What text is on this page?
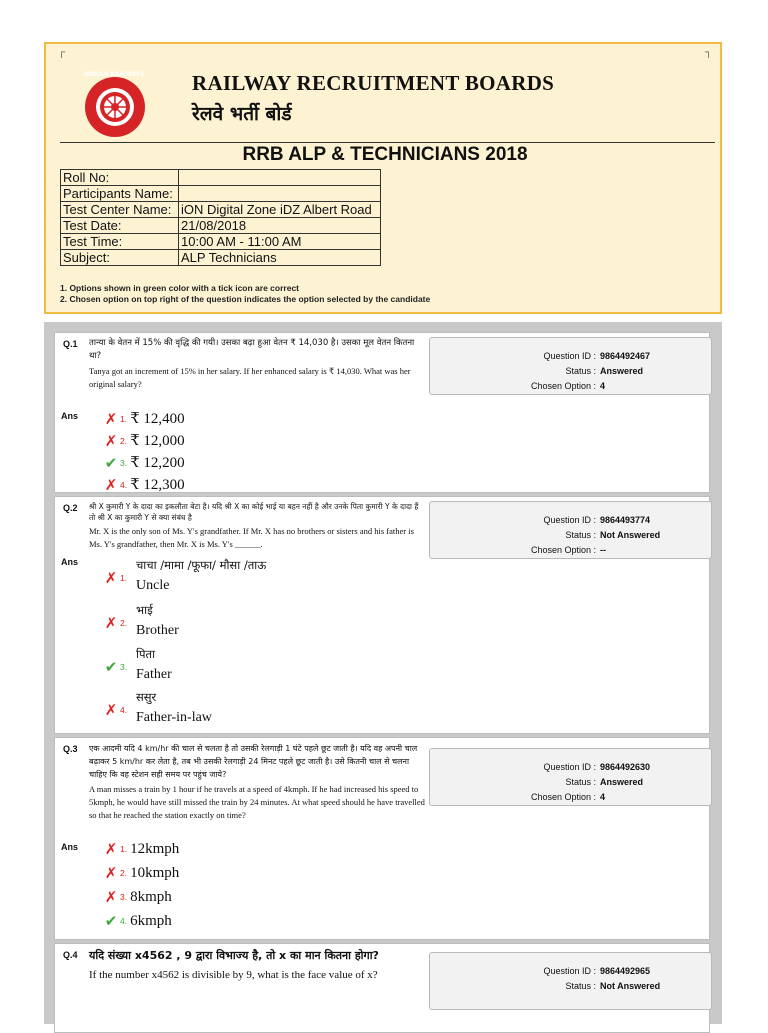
┌	┐
INDIAN RAILWAYS RAILWAY RECRUITMENT BOARDS
रेलवे भर्ती बोर्ड
RRB ALP & TECHNICIANS 2018
Roll No:	
Participants Name:	
Test Center Name:	iON Digital Zone iDZ Albert Road
Test Date:	21/08/2018
Test Time:	10:00 AM - 11:00 AM
Subject:	ALP Technicians
1. Options shown in green color with a tick icon are correct
2. Chosen option on top right of the question indicates the option selected by the candidate
Q.1 तान्या के वेतन में 15% की वृद्धि की गयी। उसका बढ़ा हुआ वेतन ₹ 14,030 है। उसका मूल वेतन कितना था?
Tanya got an increment of 15% in her salary. If her enhanced salary is ₹ 14,030. What was her original salary?
Question ID : 9864492467
Status : Answered
Chosen Option : 4
Ans ✗ 1. ₹ 12,400
✗ 2. ₹ 12,000
✔ 3. ₹ 12,200
✗ 4. ₹ 12,300
Q.2 श्री X कुमारी Y के दादा का इकलौता बेटा है। यदि श्री X का कोई भाई या बहन नहीं है और उनके पिता कुमारी Y के दादा हैं तो श्री X का कुमारी Y से क्या संबंध है
Mr. X is the only son of Ms. Y's grandfather. If Mr. X has no brothers or sisters and his father is Ms. Y's grandfather, then Mr. X is Ms. Y's ______.
Question ID : 9864493774
Status : Not Answered
Chosen Option : --
Ans
✗ 1.
चाचा /मामा /फूफा/ मौसा /ताऊ
Uncle
✗ 2.
भाई
Brother
✔ 3.
पिता
Father
✗ 4.
ससुर
Father-in-law
Q.3 एक आदमी यदि 4 km/hr की चाल से चलता है तो उसकी रेलगाड़ी 1 घंटे पहले छूट जाती है। यदि वह अपनी चाल बढ़ाकर 5 km/hr कर लेता है, तब भी उसकी रेलगाड़ी 24 मिनट पहले छूट जाती है। उसे कितनी चाल से चलना चाहिए कि वह स्टेशन सही समय पर पहुंच जाये?
A man misses a train by 1 hour if he travels at a speed of 4kmph. If he had increased his speed to 5kmph, he would have still missed the train by 24 minutes. At what speed should he have travelled so that he reached the station exactly on time?
Question ID : 9864492630
Status : Answered
Chosen Option : 4
Ans ✗ 1. 12kmph
✗ 2. 10kmph
✗ 3. 8kmph
✔ 4. 6kmph
Q.4 यदि संख्या x4562 , 9 द्वारा विभाज्य है, तो x का मान कितना होगा?
If the number x4562 is divisible by 9, what is the face value of x?	Question ID : 9864492965
Status : Not Answered
